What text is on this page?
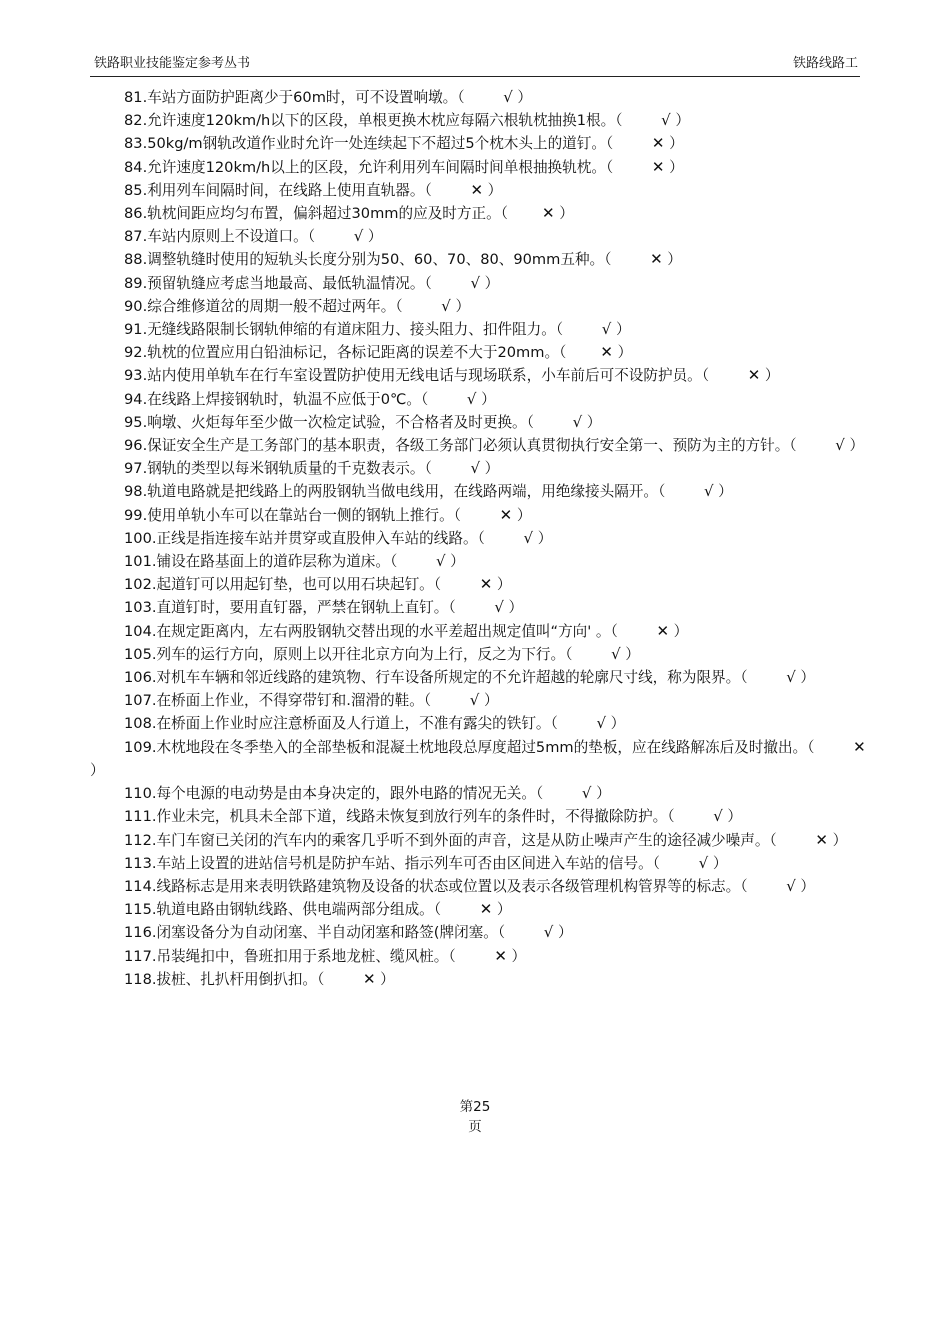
铁路职业技能鉴定参考丛书	铁路线路工

81.车站方面防护距离少于60m时，可不设置响墩。（ √ ）

82.允许速度120km/h以下的区段，单根更换木枕应每隔六根轨枕抽换1根。（ √ ）

83.50kg/m钢轨改道作业时允许一处连续起下不超过5个枕木头上的道钉。（ ✕ ）

84.允许速度120km/h以上的区段，允许利用列车间隔时间单根抽换轨枕。（ ✕ ）

85.利用列车间隔时间，在线路上使用直轨器。（ ✕ ）

86.轨枕间距应均匀布置，偏斜超过30mm的应及时方正。（ ✕ ）

87.车站内原则上不设道口。（ √ ）

88.调整轨缝时使用的短轨头长度分别为50、60、70、80、90mm五种。（ ✕ ）

89.预留轨缝应考虑当地最高、最低轨温情况。（ √ ）

90.综合维修道岔的周期一般不超过两年。（ √ ）

91.无缝线路限制长钢轨伸缩的有道床阻力、接头阻力、扣件阻力。（ √ ）

92.轨枕的位置应用白铅油标记，各标记距离的误差不大于20mm。（ ✕ ）

93.站内使用单轨车在行车室设置防护使用无线电话与现场联系，小车前后可不设防护员。（ ✕ ）

94.在线路上焊接钢轨时，轨温不应低于0℃。（ √ ）

95.响墩、火炬每年至少做一次检定试验，不合格者及时更换。（ √ ）

96.保证安全生产是工务部门的基本职责，各级工务部门必须认真贯彻执行安全第一、预防为主的方针。（ √ ）

97.钢轨的类型以每米钢轨质量的千克数表示。（ √ ）

98.轨道电路就是把线路上的两股钢轨当做电线用，在线路两端，用绝缘接头隔开。（ √ ）

99.使用单轨小车可以在靠站台一侧的钢轨上推行。（ ✕ ）

100.正线是指连接车站并贯穿或直股伸入车站的线路。（ √ ）

101.铺设在路基面上的道砟层称为道床。（ √ ）

102.起道钉可以用起钉垫，也可以用石块起钉。（ ✕ ）

103.直道钉时，要用直钉器，严禁在钢轨上直钉。（ √ ）

104.在规定距离内，左右两股钢轨交替出现的水平差超出规定值叫“方向' 。（ ✕ ）

105.列车的运行方向，原则上以开往北京方向为上行，反之为下行。（ √ ）

106.对机车车辆和邻近线路的建筑物、行车设备所规定的不允许超越的轮廓尺寸线，称为限界。（ √ ）

107.在桥面上作业，不得穿带钉和.溜滑的鞋。（ √ ）

108.在桥面上作业时应注意桥面及人行道上，不准有露尖的铁钉。（ √ ）

109.木枕地段在冬季垫入的全部垫板和混凝土枕地段总厚度超过5mm的垫板，应在线路解冻后及时撤出。（ ✕ ）

110.每个电源的电动势是由本身决定的，跟外电路的情况无关。（ √ ）

111.作业未完，机具未全部下道，线路未恢复到放行列车的条件时，不得撤除防护。（ √ ）

112.车门车窗已关闭的汽车内的乘客几乎听不到外面的声音，这是从防止噪声产生的途径减少噪声。（ ✕ ）

113.车站上设置的进站信号机是防护车站、指示列车可否由区间进入车站的信号。（ √ ）

114.线路标志是用来表明铁路建筑物及设备的状态或位置以及表示各级管理机构管界等的标志。（ √ ）

115.轨道电路由钢轨线路、供电端两部分组成。（ ✕ ）

116.闭塞设备分为自动闭塞、半自动闭塞和路签(牌闭塞。（ √ ）

117.吊装绳扣中，鲁班扣用于系地龙桩、缆风桩。（ ✕ ）

118.拔桩、扎扒杆用倒扒扣。（ ✕ ）

第25
页
